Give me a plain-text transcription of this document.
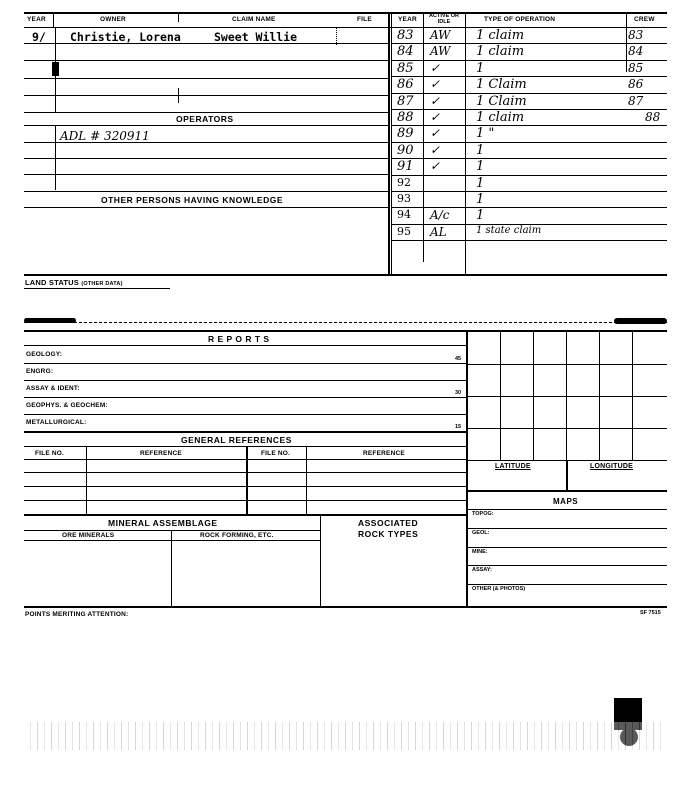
YEAR	OWNER	CLAIM NAME	FILE	YEAR ACTIVE OR IDLE	TYPE OF OPERATION	CREW
9/ Christie, Lorena	Sweet Willie
OPERATORS
ADL # 320911
OTHER PERSONS HAVING KNOWLEDGE
83 AW 1 claim	83
84 AW 1 claim	84
85 ✓	1	85
86 ✓	1 Claim	86
87 ✓	1 Claim	87
88 ✓	1 claim	88
89 ✓	1 "
90 ✓	1
91 ✓	1
92	1
93	1
94 A/c 1
95 AL	1 state claim
LAND STATUS (OTHER DATA)
R E P O R T S
GEOLOGY:
45
ENGRG:
ASSAY & IDENT:
30
GEOPHYS. & GEOCHEM:
METALLURGICAL:
15
GENERAL REFERENCES
FILE NO.	REFERENCE	FILE NO.	REFERENCE
MINERAL ASSEMBLAGE
ORE MINERALS	ROCK FORMING, ETC.
ASSOCIATED
ROCK TYPES
LATITUDE	LONGITUDE
MAPS
TOPOG:
GEOL:
MINE:
ASSAY:
OTHER (& PHOTOS)
POINTS MERITING ATTENTION:	SF 7515
